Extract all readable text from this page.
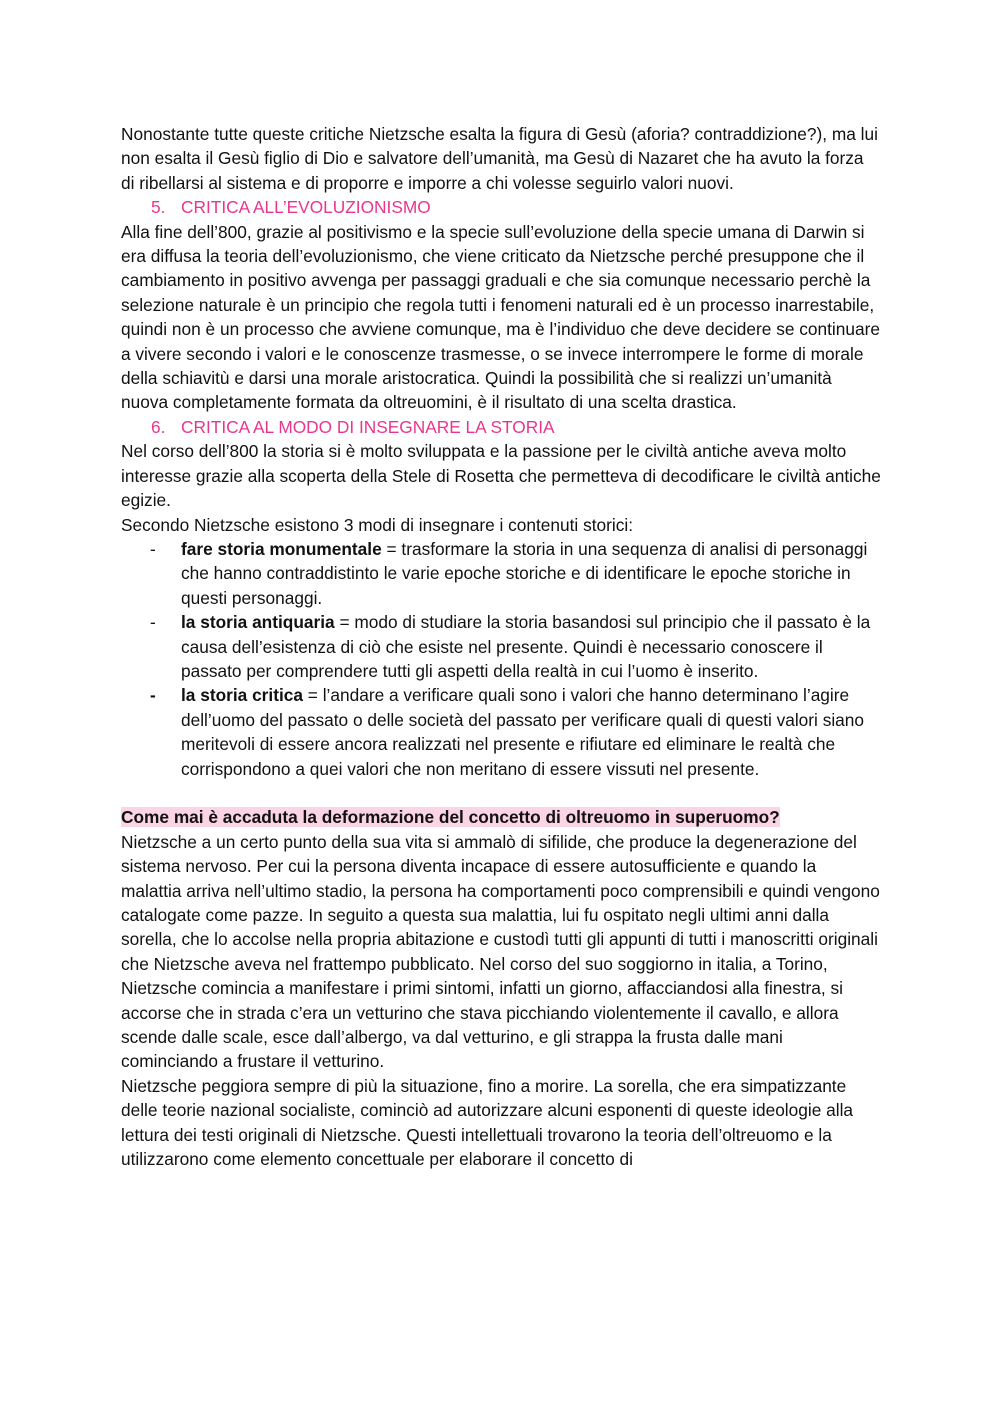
Nonostante tutte queste critiche Nietzsche esalta la figura di Gesù (aforia? contraddizione?), ma lui non esalta il Gesù figlio di Dio e salvatore dell’umanità, ma Gesù di Nazaret che ha avuto la forza di ribellarsi al sistema e di proporre e imporre a chi volesse seguirlo valori nuovi.

5. CRITICA ALL’EVOLUZIONISMO

Alla fine dell’800, grazie al positivismo e la specie sull’evoluzione della specie umana di Darwin si era diffusa la teoria dell’evoluzionismo, che viene criticato da Nietzsche perché presuppone che il cambiamento in positivo avvenga per passaggi graduali e che sia comunque necessario perchè la selezione naturale è un principio che regola tutti i fenomeni naturali ed è un processo inarrestabile, quindi non è un processo che avviene comunque, ma è l’individuo che deve decidere se continuare a vivere secondo i valori e le conoscenze trasmesse, o se invece interrompere le forme di morale della schiavitù e darsi una morale aristocratica. Quindi la possibilità che si realizzi un’umanità nuova completamente formata da oltreuomini, è il risultato di una scelta drastica.

6. CRITICA AL MODO DI INSEGNARE LA STORIA

Nel corso dell’800 la storia si è molto sviluppata e la passione per le civiltà antiche aveva molto interesse grazie alla scoperta della Stele di Rosetta che permetteva di decodificare le civiltà antiche egizie.

Secondo Nietzsche esistono 3 modi di insegnare i contenuti storici:

- fare storia monumentale = trasformare la storia in una sequenza di analisi di personaggi che hanno contraddistinto le varie epoche storiche e di identificare le epoche storiche in questi personaggi.
- la storia antiquaria = modo di studiare la storia basandosi sul principio che il passato è la causa dell’esistenza di ciò che esiste nel presente. Quindi è necessario conoscere il passato per comprendere tutti gli aspetti della realtà in cui l’uomo è inserito.
- la storia critica = l’andare a verificare quali sono i valori che hanno determinano l’agire dell’uomo del passato o delle società del passato per verificare quali di questi valori siano meritevoli di essere ancora realizzati nel presente e rifiutare ed eliminare le realtà che corrispondono a quei valori che non meritano di essere vissuti nel presente.

Come mai è accaduta la deformazione del concetto di oltreuomo in superuomo?

Nietzsche a un certo punto della sua vita si ammalò di sifilide, che produce la degenerazione del sistema nervoso. Per cui la persona diventa incapace di essere autosufficiente e quando la malattia arriva nell’ultimo stadio, la persona ha comportamenti poco comprensibili e quindi vengono catalogate come pazze. In seguito a questa sua malattia, lui fu ospitato negli ultimi anni dalla sorella, che lo accolse nella propria abitazione e custodì tutti gli appunti di tutti i manoscritti originali che Nietzsche aveva nel frattempo pubblicato. Nel corso del suo soggiorno in italia, a Torino, Nietzsche comincia a manifestare i primi sintomi, infatti un giorno, affacciandosi alla finestra, si accorse che in strada c’era un vetturino che stava picchiando violentemente il cavallo, e allora scende dalle scale, esce dall’albergo, va dal vetturino, e gli strappa la frusta dalle mani cominciando a frustare il vetturino.

Nietzsche peggiora sempre di più la situazione, fino a morire. La sorella, che era simpatizzante delle teorie nazional socialiste, cominciò ad autorizzare alcuni esponenti di queste ideologie alla lettura dei testi originali di Nietzsche. Questi intellettuali trovarono la teoria dell’oltreuomo e la utilizzarono come elemento concettuale per elaborare il concetto di
